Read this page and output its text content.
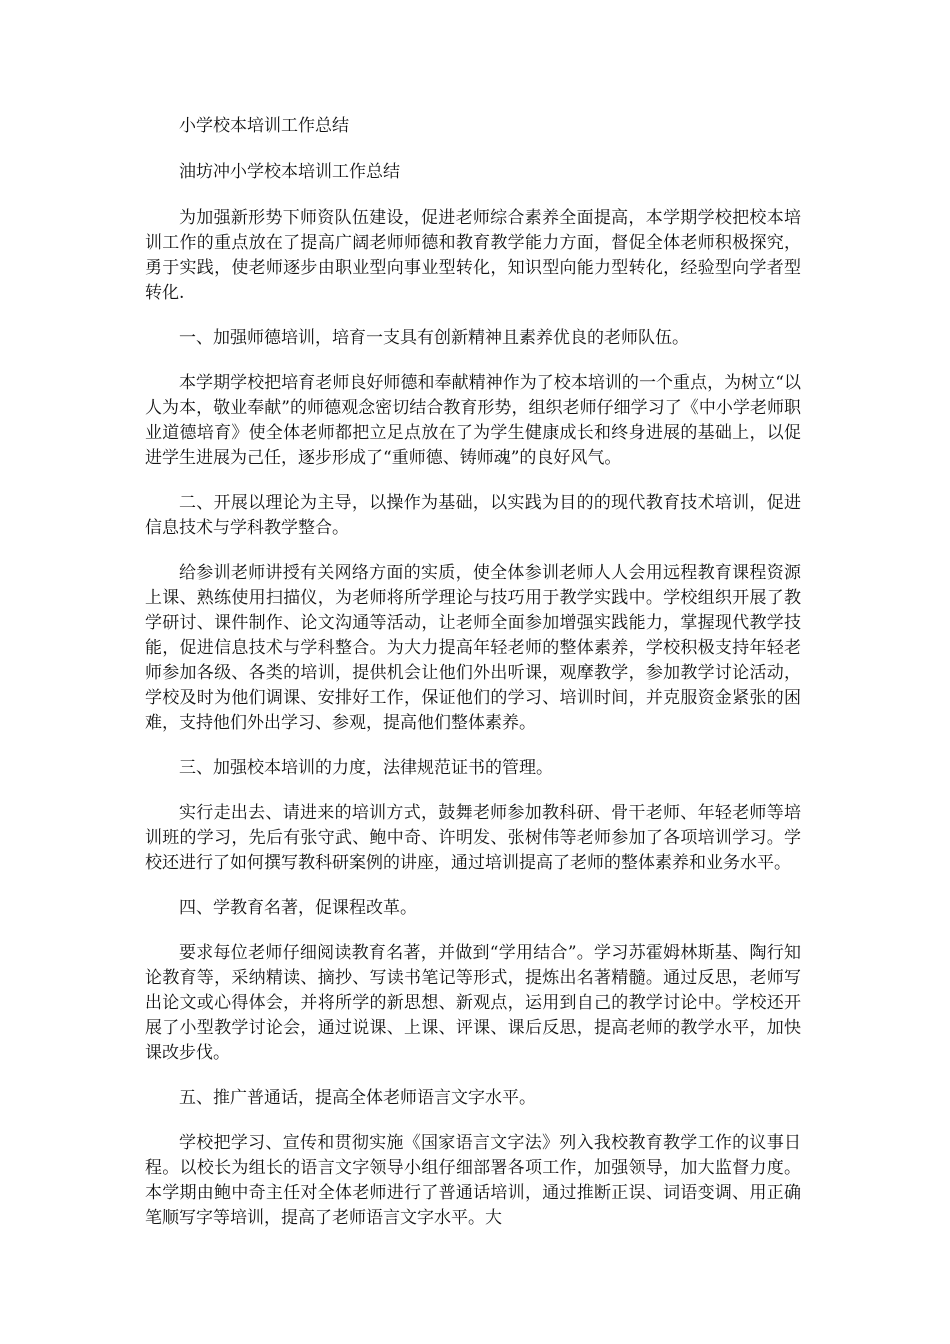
小学校本培训工作总结

油坊冲小学校本培训工作总结

为加强新形势下师资队伍建设，促进老师综合素养全面提高，本学期学校把校本培训工作的重点放在了提高广阔老师师德和教育教学能力方面，督促全体老师积极探究，勇于实践，使老师逐步由职业型向事业型转化，知识型向能力型转化，经验型向学者型转化.

一、加强师德培训，培育一支具有创新精神且素养优良的老师队伍。

本学期学校把培育老师良好师德和奉献精神作为了校本培训的一个重点，为树立“以人为本，敬业奉献”的师德观念密切结合教育形势，组织老师仔细学习了《中小学老师职业道德培育》使全体老师都把立足点放在了为学生健康成长和终身进展的基础上，以促进学生进展为己任，逐步形成了“重师德、铸师魂”的良好风气。

二、开展以理论为主导，以操作为基础，以实践为目的的现代教育技术培训，促进信息技术与学科教学整合。

给参训老师讲授有关网络方面的实质，使全体参训老师人人会用远程教育课程资源上课、熟练使用扫描仪，为老师将所学理论与技巧用于教学实践中。学校组织开展了教学研讨、课件制作、论文沟通等活动，让老师全面参加增强实践能力，掌握现代教学技能，促进信息技术与学科整合。为大力提高年轻老师的整体素养，学校积极支持年轻老师参加各级、各类的培训，提供机会让他们外出听课，观摩教学，参加教学讨论活动，学校及时为他们调课、安排好工作，保证他们的学习、培训时间，并克服资金紧张的困难，支持他们外出学习、参观，提高他们整体素养。

三、加强校本培训的力度，法律规范证书的管理。

实行走出去、请进来的培训方式，鼓舞老师参加教科研、骨干老师、年轻老师等培训班的学习，先后有张守武、鲍中奇、许明发、张树伟等老师参加了各项培训学习。学校还进行了如何撰写教科研案例的讲座，通过培训提高了老师的整体素养和业务水平。

四、学教育名著，促课程改革。

要求每位老师仔细阅读教育名著，并做到“学用结合”。学习苏霍姆林斯基、陶行知论教育等，采纳精读、摘抄、写读书笔记等形式，提炼出名著精髓。通过反思，老师写出论文或心得体会，并将所学的新思想、新观点，运用到自己的教学讨论中。学校还开展了小型教学讨论会，通过说课、上课、评课、课后反思，提高老师的教学水平，加快课改步伐。

五、推广普通话，提高全体老师语言文字水平。

学校把学习、宣传和贯彻实施《国家语言文字法》列入我校教育教学工作的议事日程。以校长为组长的语言文字领导小组仔细部署各项工作，加强领导，加大监督力度。本学期由鲍中奇主任对全体老师进行了普通话培训，通过推断正误、词语变调、用正确笔顺写字等培训，提高了老师语言文字水平。大
